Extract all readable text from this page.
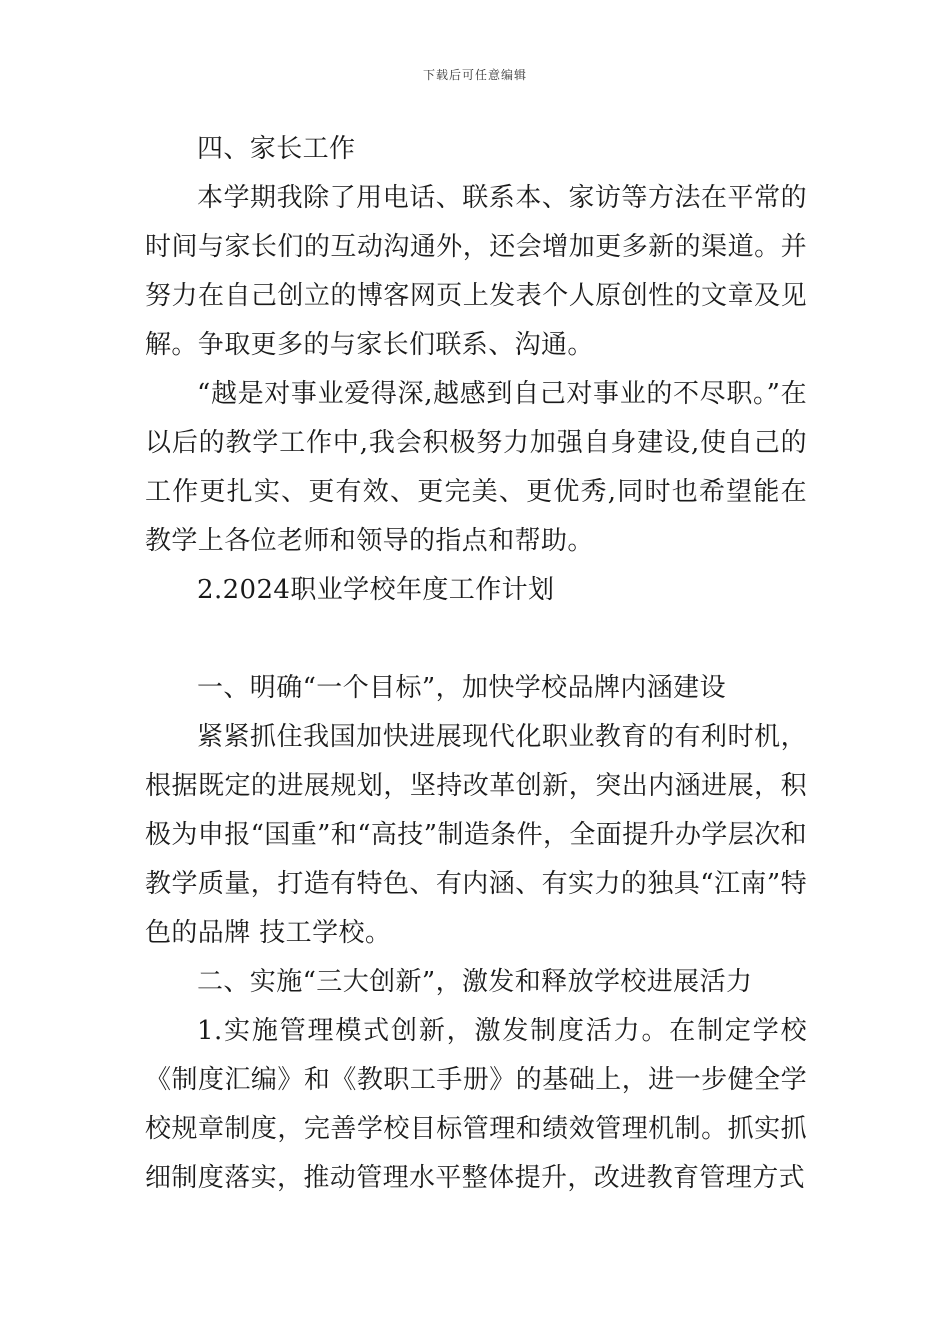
下载后可任意编辑

四、家长工作

本学期我除了用电话、联系本、家访等方法在平常的时间与家长们的互动沟通外，还会增加更多新的渠道。并努力在自己创立的博客网页上发表个人原创性的文章及见解。争取更多的与家长们联系、沟通。

“越是对事业爱得深,越感到自己对事业的不尽职。”在以后的教学工作中,我会积极努力加强自身建设,使自己的工作更扎实、更有效、更完美、更优秀,同时也希望能在教学上各位老师和领导的指点和帮助。

2.2024职业学校年度工作计划

一、明确“一个目标”，加快学校品牌内涵建设

紧紧抓住我国加快进展现代化职业教育的有利时机，根据既定的进展规划，坚持改革创新，突出内涵进展，积极为申报“国重”和“高技”制造条件，全面提升办学层次和教学质量，打造有特色、有内涵、有实力的独具“江南”特色的品牌 技工学校。

二、实施“三大创新”，激发和释放学校进展活力

1.实施管理模式创新，激发制度活力。在制定学校《制度汇编》和《教职工手册》的基础上，进一步健全学校规章制度，完善学校目标管理和绩效管理机制。抓实抓细制度落实，推动管理水平整体提升，改进教育管理方式
